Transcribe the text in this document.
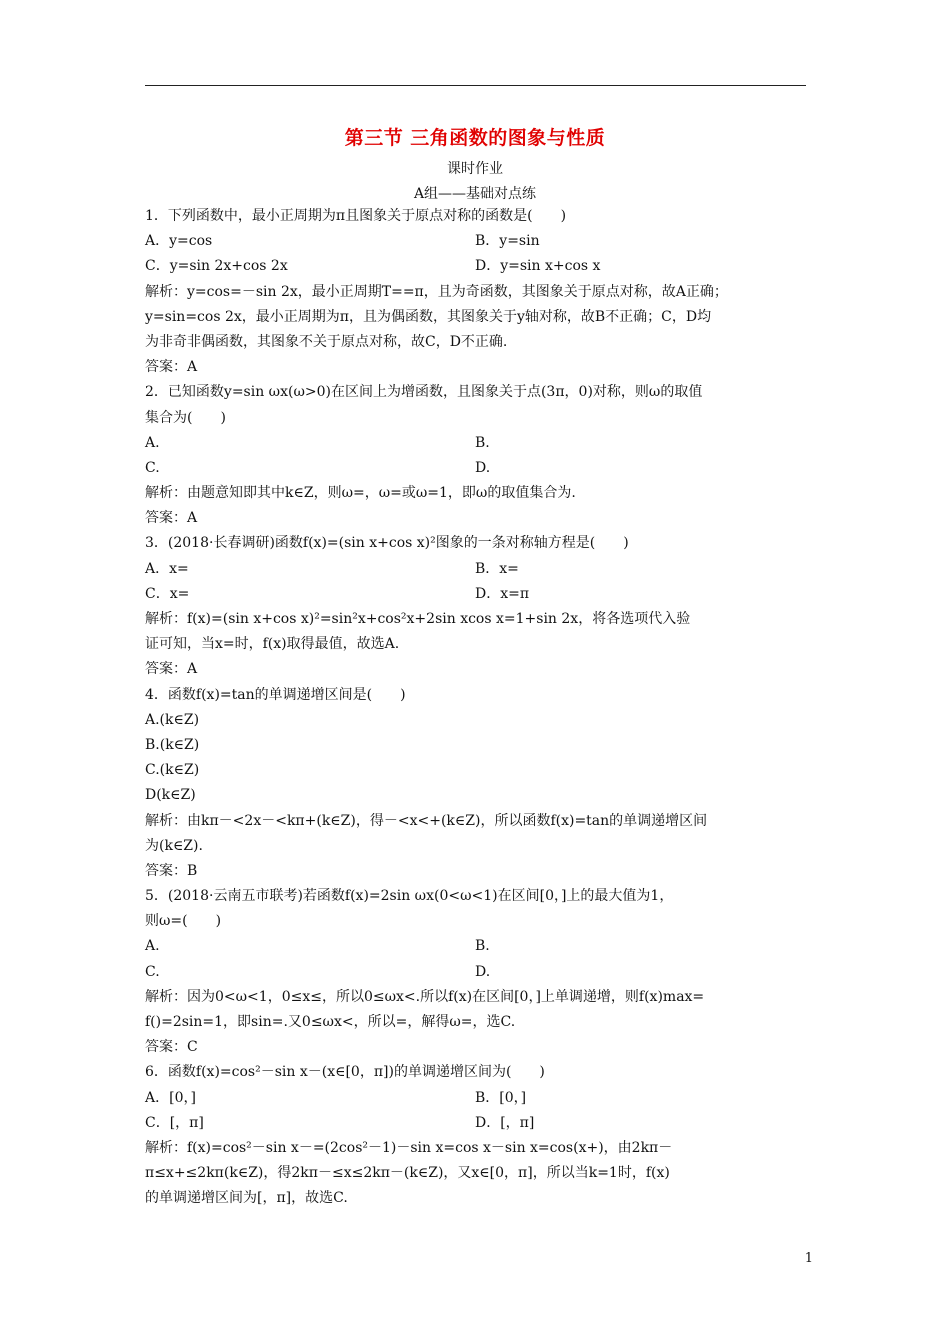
第三节 三角函数的图象与性质
课时作业
A组——基础对点练
1．下列函数中，最小正周期为π且图象关于原点对称的函数是(　　)
A．y=cos	B．y=sin
C．y=sin 2x+cos 2x	D．y=sin x+cos x
解析：y=cos=－sin 2x，最小正周期T==π，且为奇函数，其图象关于原点对称，故A正确；
y=sin=cos 2x，最小正周期为π，且为偶函数，其图象关于y轴对称，故B不正确；C，D均
为非奇非偶函数，其图象不关于原点对称，故C，D不正确.
答案：A
2．已知函数y=sin ωx(ω>0)在区间上为增函数，且图象关于点(3π，0)对称，则ω的取值
集合为(　　)
A.	B.
C.	D.
解析：由题意知即其中k∈Z，则ω=，ω=或ω=1，即ω的取值集合为.
答案：A
3．(2018·长春调研)函数f(x)=(sin x+cos x)²图象的一条对称轴方程是(　　)
A．x=	B．x=
C．x=	D．x=π
解析：f(x)=(sin x+cos x)²=sin²x+cos²x+2sin xcos x=1+sin 2x，将各选项代入验
证可知，当x=时，f(x)取得最值，故选A.
答案：A
4．函数f(x)=tan的单调递增区间是(　　)
A.(k∈Z)
B.(k∈Z)
C.(k∈Z)
D(k∈Z)
解析：由kπ－<2x－<kπ+(k∈Z)，得－<x<+(k∈Z)，所以函数f(x)=tan的单调递增区间
为(k∈Z).
答案：B
5．(2018·云南五市联考)若函数f(x)=2sin ωx(0<ω<1)在区间[0，]上的最大值为1，
则ω=(　　)
A.	B.
C.	D.
解析：因为0<ω<1，0≤x≤，所以0≤ωx<.所以f(x)在区间[0，]上单调递增，则f(x)max=
f()=2sin=1，即sin=.又0≤ωx<，所以=，解得ω=，选C.
答案：C
6．函数f(x)=cos²－sin x－(x∈[0，π])的单调递增区间为(　　)
A．[0，]	B．[0，]
C．[，π]	D．[，π]
解析：f(x)=cos²－sin x－=(2cos²－1)－sin x=cos x－sin x=cos(x+)，由2kπ－
π≤x+≤2kπ(k∈Z)，得2kπ－≤x≤2kπ－(k∈Z)，又x∈[0，π]，所以当k=1时，f(x)
的单调递增区间为[，π]，故选C.
1
